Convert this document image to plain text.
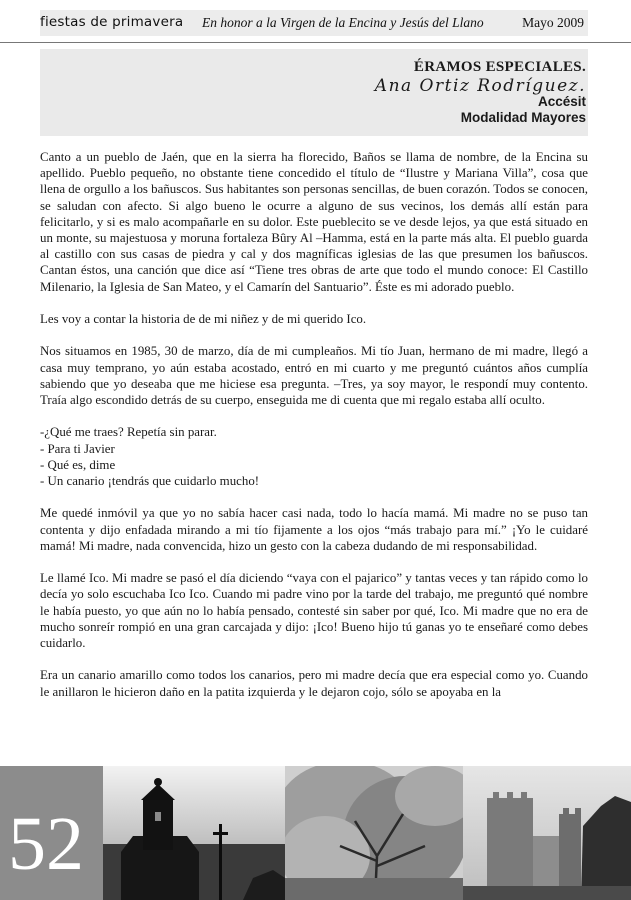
fiestas de primavera En honor a la Virgen de la Encina y Jesús del Llano	Mayo 2009
ÉRAMOS ESPECIALES.
Ana Ortiz Rodríguez.
Accésit
Modalidad Mayores

Canto a un pueblo de Jaén, que en la sierra ha florecido, Baños se llama de nombre, de la Encina su apellido. Pueblo pequeño, no obstante tiene concedido el título de “Ilustre y Mariana Villa”, cosa que llena de orgullo a los bañuscos. Sus habitantes son personas sencillas, de buen corazón. Todos se conocen, se saludan con afecto. Si algo bueno le ocurre a alguno de sus vecinos, los demás allí están para felicitarlo, y si es malo acompañarle en su dolor. Este pueblecito se ve desde lejos, ya que está situado en un monte, su majestuosa y moruna fortaleza Bûry Al –Hamma, está en la parte más alta. El pueblo guarda al castillo con sus casas de piedra y cal y dos magníficas iglesias de las que presumen los bañuscos. Cantan éstos, una canción que dice así “Tiene tres obras de arte que todo el mundo conoce: El Castillo Milenario, la Iglesia de San Mateo, y el Camarín del Santuario”. Éste es mi adorado pueblo.

Les voy a contar la historia de de mi niñez y de mi querido Ico.

Nos situamos en 1985, 30 de marzo, día de mi cumpleaños. Mi tío Juan, hermano de mi madre, llegó a casa muy temprano, yo aún estaba acostado, entró en mi cuarto y me preguntó cuántos años cumplía sabiendo que yo deseaba que me hiciese esa pregunta. –Tres, ya soy mayor, le respondí muy contento. Traía algo escondido detrás de su cuerpo, enseguida me di cuenta que mi regalo estaba allí oculto.

-¿Qué me traes? Repetía sin parar.

- Para ti Javier

- Qué es, dime

- Un canario ¡tendrás que cuidarlo mucho!

Me quedé inmóvil ya que yo no sabía hacer casi nada, todo lo hacía mamá. Mi madre no se puso tan contenta y dijo enfadada mirando a mi tío fijamente a los ojos “más trabajo para mí.” ¡Yo le cuidaré mamá! Mi madre, nada convencida, hizo un gesto con la cabeza dudando de mi responsabilidad.

Le llamé Ico. Mi madre se pasó el día diciendo “vaya con el pajarico” y tantas veces y tan rápido como lo decía yo solo escuchaba Ico Ico. Cuando mi padre vino por la tarde del trabajo, me preguntó qué nombre le había puesto, yo que aún no lo había pensado, contesté sin saber por qué, Ico. Mi madre que no era de mucho sonreír rompió en una gran carcajada y dijo: ¡Ico! Bueno hijo tú ganas yo te enseñaré como debes cuidarlo.

Era un canario amarillo como todos los canarios, pero mi madre decía que era especial como yo. Cuando le anillaron le hicieron daño en la patita izquierda y le dejaron cojo, sólo se apoyaba en la

52
